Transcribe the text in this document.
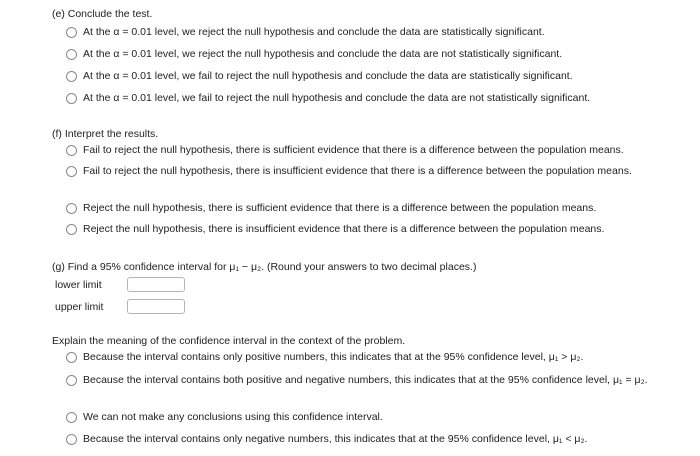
(e) Conclude the test.
At the α = 0.01 level, we reject the null hypothesis and conclude the data are statistically significant.
At the α = 0.01 level, we reject the null hypothesis and conclude the data are not statistically significant.
At the α = 0.01 level, we fail to reject the null hypothesis and conclude the data are statistically significant.
At the α = 0.01 level, we fail to reject the null hypothesis and conclude the data are not statistically significant.
(f) Interpret the results.
Fail to reject the null hypothesis, there is sufficient evidence that there is a difference between the population means.
Fail to reject the null hypothesis, there is insufficient evidence that there is a difference between the population means.
Reject the null hypothesis, there is sufficient evidence that there is a difference between the population means.
Reject the null hypothesis, there is insufficient evidence that there is a difference between the population means.
(g) Find a 95% confidence interval for μ₁ − μ₂. (Round your answers to two decimal places.)
lower limit
upper limit
Explain the meaning of the confidence interval in the context of the problem.
Because the interval contains only positive numbers, this indicates that at the 95% confidence level, μ₁ > μ₂.
Because the interval contains both positive and negative numbers, this indicates that at the 95% confidence level, μ₁ = μ₂.
We can not make any conclusions using this confidence interval.
Because the interval contains only negative numbers, this indicates that at the 95% confidence level, μ₁ < μ₂.
